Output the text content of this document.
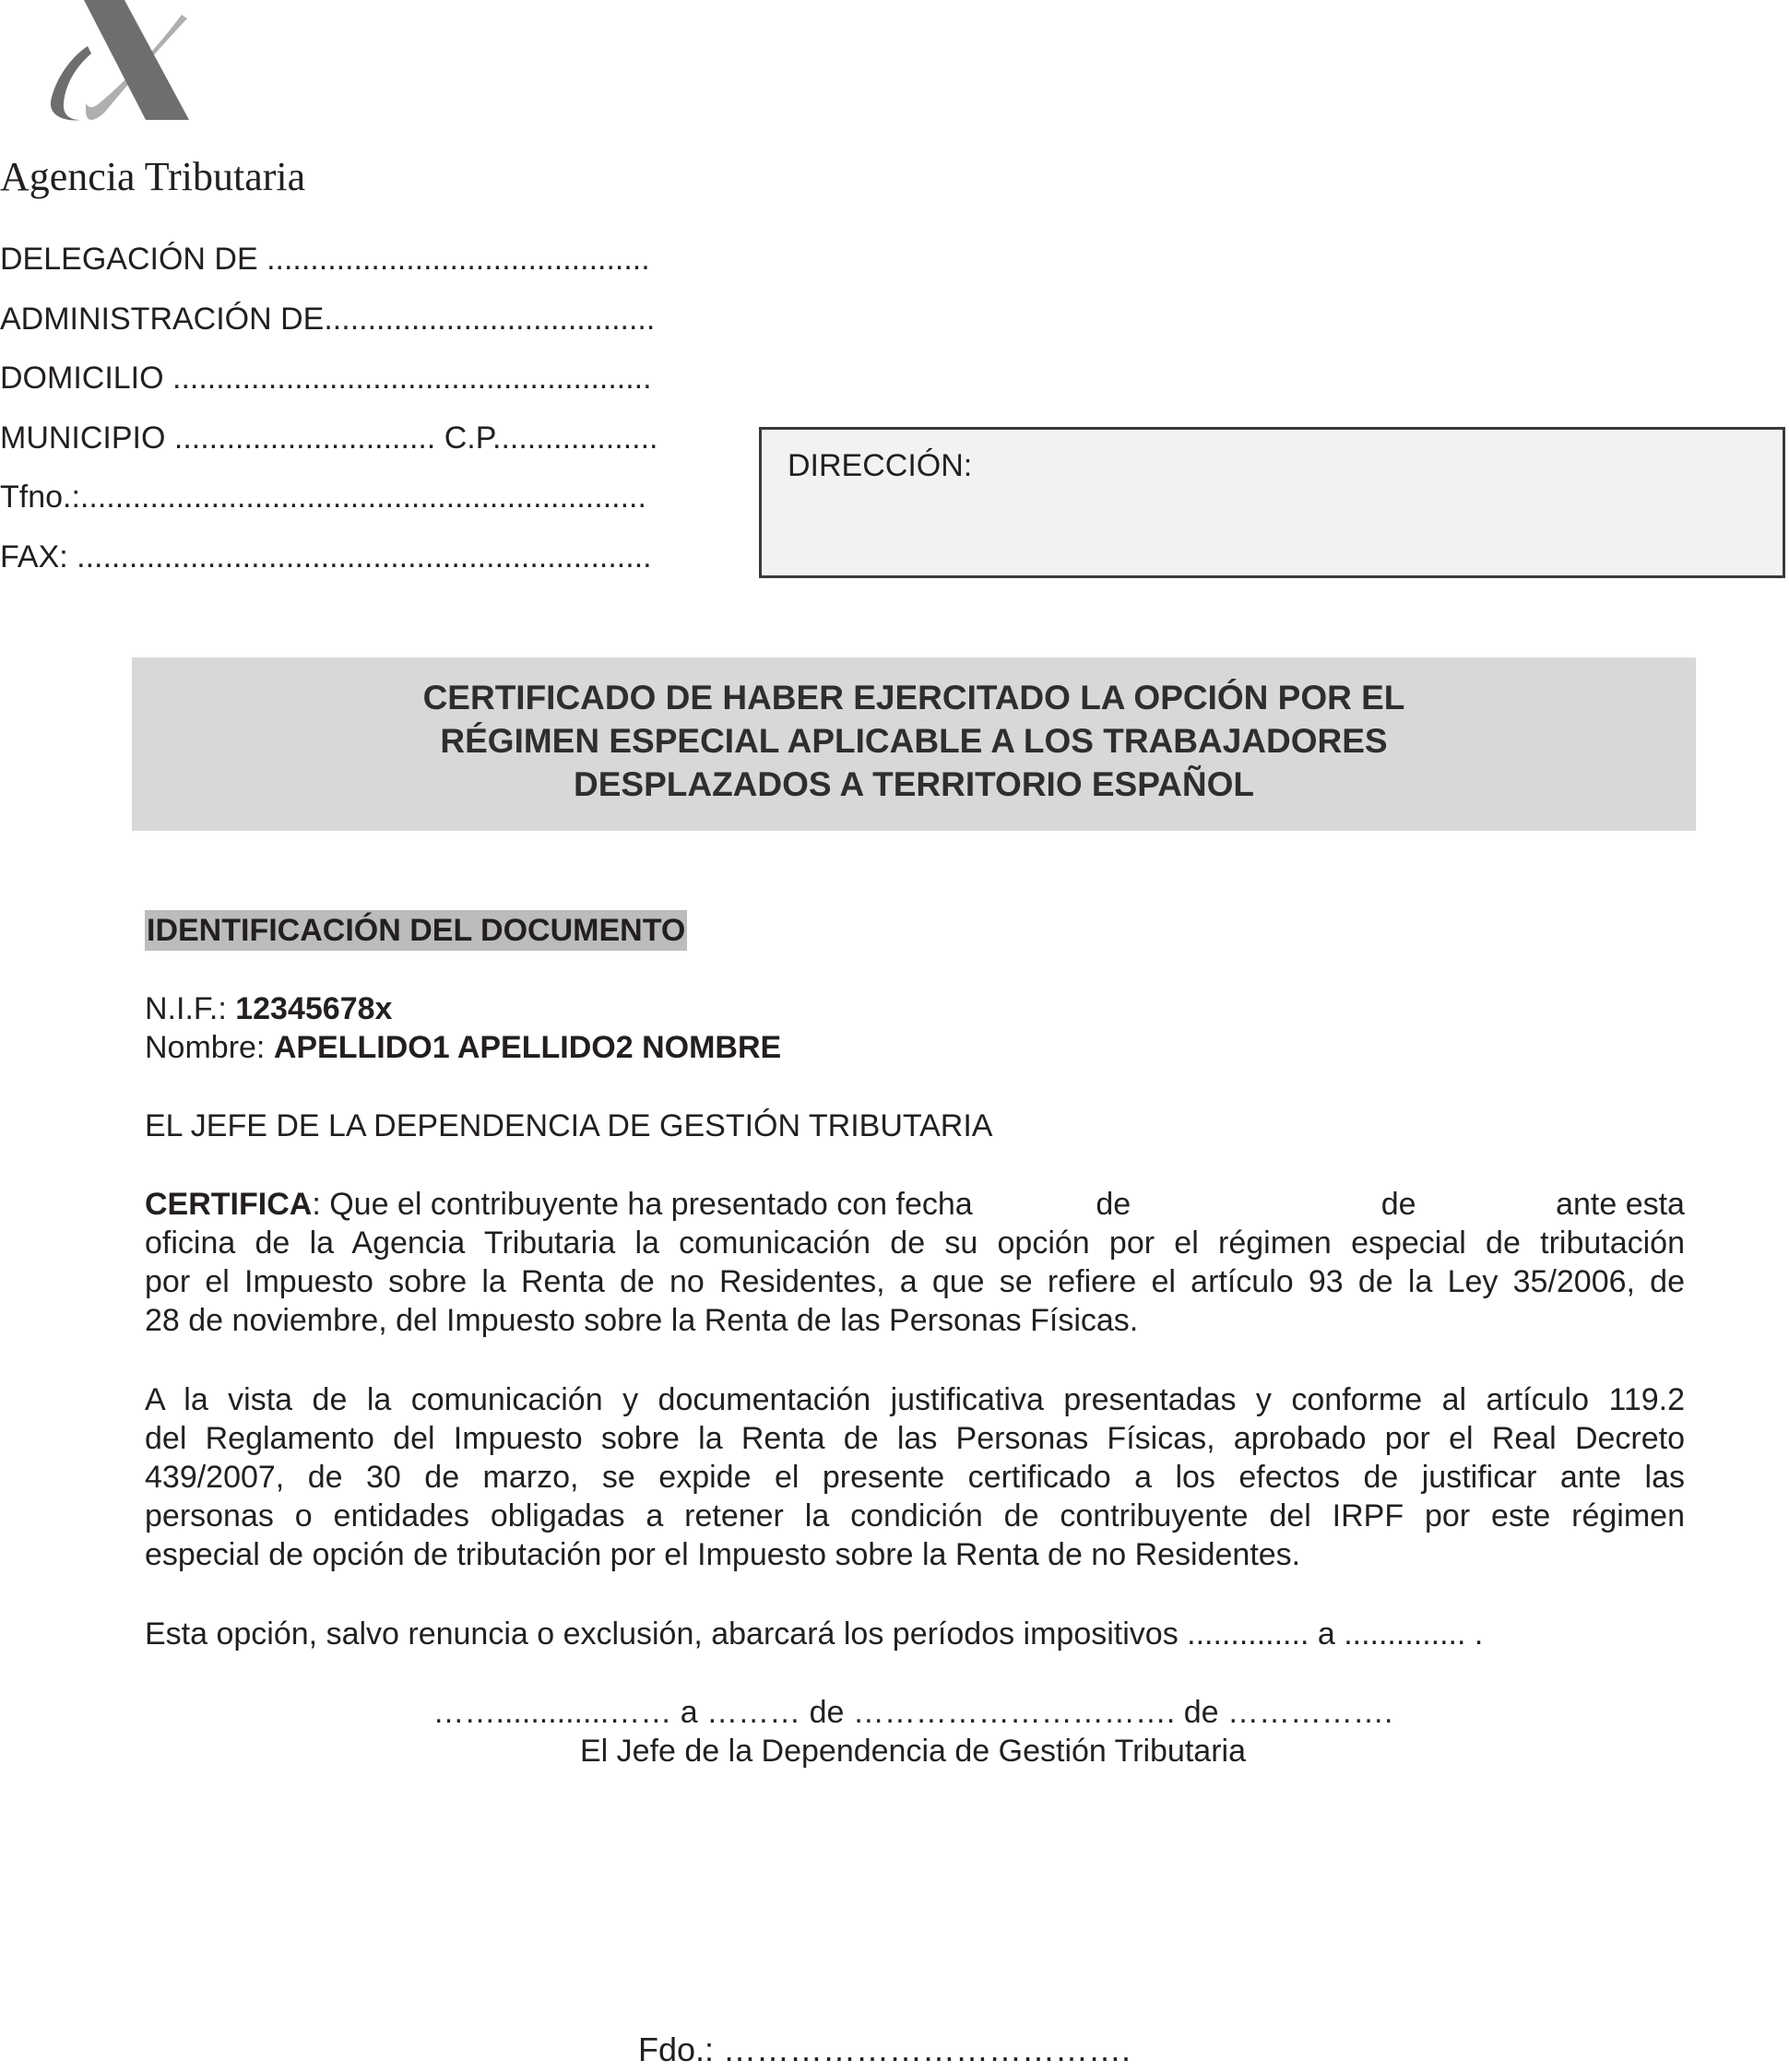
Agencia Tributaria
DELEGACIÓN DE ............................................
ADMINISTRACIÓN DE......................................
DOMICILIO .......................................................
MUNICIPIO .............................. C.P...................
Tfno.:.................................................................
FAX: ..................................................................
DIRECCIÓN:
CERTIFICADO DE HABER EJERCITADO LA OPCIÓN POR EL
RÉGIMEN ESPECIAL APLICABLE A LOS TRABAJADORES
DESPLAZADOS A TERRITORIO ESPAÑOL
IDENTIFICACIÓN DEL DOCUMENTO
N.I.F.: 12345678x
Nombre: APELLIDO1 APELLIDO2 NOMBRE
EL JEFE DE LA DEPENDENCIA DE GESTIÓN TRIBUTARIA
CERTIFICA: Que el contribuyente ha presentado con fecha	de	de	ante esta
oficina de la Agencia Tributaria la comunicación de su opción por el régimen especial de tributación
por el Impuesto sobre la Renta de no Residentes, a que se refiere el artículo 93 de la Ley 35/2006, de
28 de noviembre, del Impuesto sobre la Renta de las Personas Físicas.
A la vista de la comunicación y documentación justificativa presentadas y conforme al artículo 119.2
del Reglamento del Impuesto sobre la Renta de las Personas Físicas, aprobado por el Real Decreto
439/2007, de 30 de marzo, se expide el presente certificado a los efectos de justificar ante las
personas o entidades obligadas a retener la condición de contribuyente del IRPF por este régimen
especial de opción de tributación por el Impuesto sobre la Renta de no Residentes.
Esta opción, salvo renuncia o exclusión, abarcará los períodos impositivos .............. a .............. .
…….............…… a ……… de …………………………. de …………….
El Jefe de la Dependencia de Gestión Tributaria
Fdo.: ……………………………….
